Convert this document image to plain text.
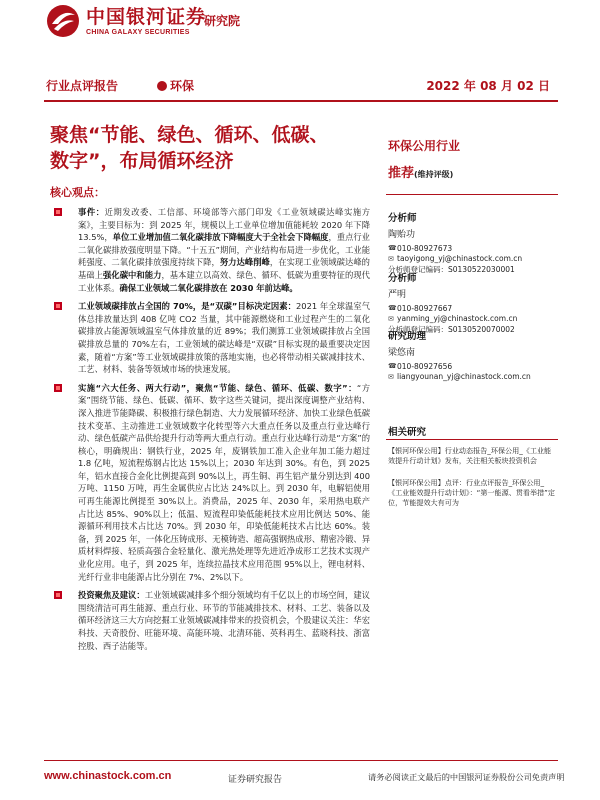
中国银河证券
CHINA GALAXY SECURITIES
研究院
行业点评报告	环保	2022 年 08 月 02 日
聚焦“节能、绿色、循环、低碳、
数字”，布局循环经济
核心观点：
事件：近期发改委、工信部、环境部等六部门印发《工业领域碳达峰实施方案》，主要目标为：到 2025 年，规模以上工业单位增加值能耗较 2020 年下降 13.5%，单位工业增加值二氧化碳排放下降幅度大于全社会下降幅度，重点行业二氧化碳排放强度明显下降。“十五五”期间，产业结构布局进一步优化，工业能耗强度、二氧化碳排放强度持续下降，努力达峰削峰，在实现工业领域碳达峰的基础上强化碳中和能力，基本建立以高效、绿色、循环、低碳为重要特征的现代工业体系。确保工业领域二氧化碳排放在 2030 年前达峰。
工业领域碳排放占全国的 70%，是“双碳”目标决定因素：2021 年全球温室气体总排放量达到 408 亿吨 CO2 当量，其中能源燃烧和工业过程产生的二氧化碳排放占能源领域温室气体排放量的近 89%；我们测算工业领域碳排放占全国碳排放总量的 70%左右，工业领域的碳达峰是“双碳”目标实现的最重要决定因素，随着“方案”等工业领域碳排放策的落地实施，也必将带动相关碳减排技术、工艺、材料、装备等领域市场的快速发展。
实施“六大任务、两大行动”，聚焦“节能、绿色、循环、低碳、数字”：“方案”围绕节能、绿色、低碳、循环、数字这些关键词，提出深度调整产业结构、深入推进节能降碳、积极推行绿色制造、大力发展循环经济、加快工业绿色低碳技术变革、主动推进工业领域数字化转型等六大重点任务以及重点行业达峰行动、绿色低碳产品供给提升行动等两大重点行动。重点行业达峰行动是“方案”的核心，明确规出：钢铁行业，2025 年，废钢铁加工准入企业年加工能力超过 1.8 亿吨，短流程炼钢占比达 15%以上；2030 年达到 30%。有色，到 2025 年，铝水直接合金化比例提高到 90%以上，再生铜、再生铝产量分别达到 400 万吨、1150 万吨，再生金属供应占比达 24%以上。到 2030 年，电解铝使用可再生能源比例提至 30%以上。消费品，2025 年、2030 年，采用热电联产占比达 85%、90%以上；低温、短流程印染低能耗技术应用比例达 50%、能源循环利用技术占比达 70%。到 2030 年，印染低能耗技术占比达 60%。装备，到 2025 年，一体化压铸成形、无模铸造、超高强钢热成形、精密冷锻、异质材料焊接、轻质高强合金轻量化、激光热处理等先进近净成形工艺技术实现产业化应用。电子，到 2025 年，连续拉晶技术应用范围 95%以上，锂电材料、光纤行业非电能源占比分别在 7%、2%以下。
投资聚焦及建议：工业领域碳减排多个细分领域均有千亿以上的市场空间，建议围绕清洁可再生能源、重点行业、环节的节能减排技术、材料、工艺、装备以及循环经济这三大方向挖掘工业领域碳减排带来的投资机会，个股建议关注：华宏科技、天奇股份、旺能环境、高能环境、北清环能、英科再生、蓝晓科技、浙富控股、西子洁能等。
环保公用行业
推荐(维持评级)
分析师
陶贻功
☎ 010-80927673
✉ taoyigong_yj@chinastock.com.cn
分析师登记编码：S0130522030001
分析师
严明
☎ 010-80927667
✉ yanming_yj@chinastock.com.cn
分析师登记编码：S0130520070002
研究助理
梁悠南
☎ 010-80927656
✉ liangyounan_yj@chinastock.com.cn
相关研究
【银河环保公用】行业动态报告_环保公用_《工业能效提升行动计划》发布，关注相关板块投资机会
【银河环保公用】点评：行业点评报告_环保公用_《工业能效提升行动计划》：“第一能源、贯看举措”定位，节能提效大有可为
www.chinastock.com.cn	证券研究报告	请务必阅读正文最后的中国银河证券股份公司免责声明
